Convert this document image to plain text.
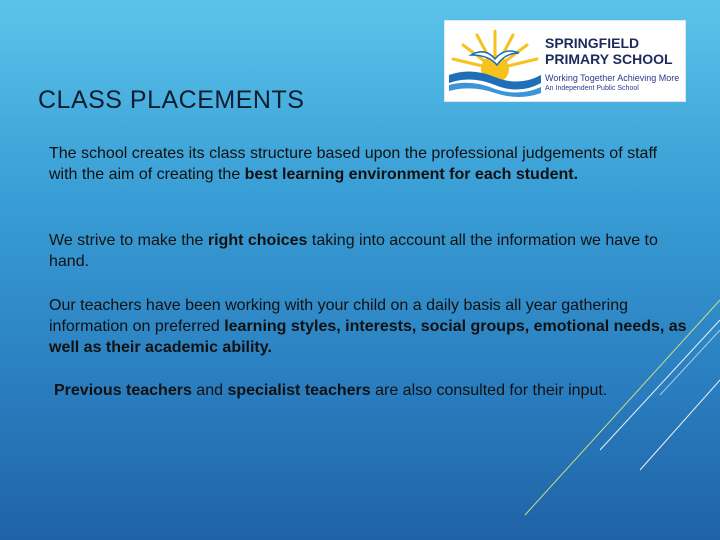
CLASS PLACEMENTS
SPRINGFIELD
PRIMARY SCHOOL
Working Together Achieving More
An Independent Public School

The school creates its class structure based upon the professional judgements of staff with the aim of creating the best learning environment for each student.

We strive to make the right choices taking into account all the information we have to hand.

Our teachers have been working with your child on a daily basis all year gathering information on preferred learning styles, interests, social groups, emotional needs, as well as their academic ability.

Previous teachers and specialist teachers are also consulted for their input.
